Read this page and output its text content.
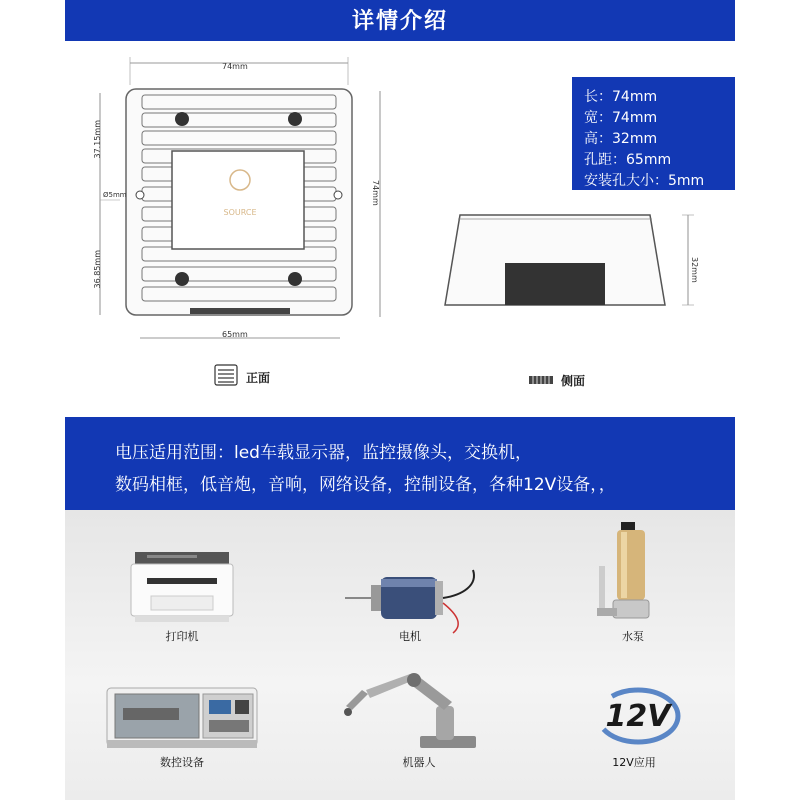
详情介绍
SOURCE
74mm
37.15mm
36.85mm
Ø5mm	74mm
65mm
长：74mm
宽：74mm
高：32mm
孔距：65mm
安装孔大小：5mm
32mm
正面	侧面
电压适用范围：led车载显示器，监控摄像头，交换机，
数码相框，低音炮，音响，网络设备，控制设备，各种12V设备，，
打印机	电机	水泵
数控设备	机器人
12V
12V应用
